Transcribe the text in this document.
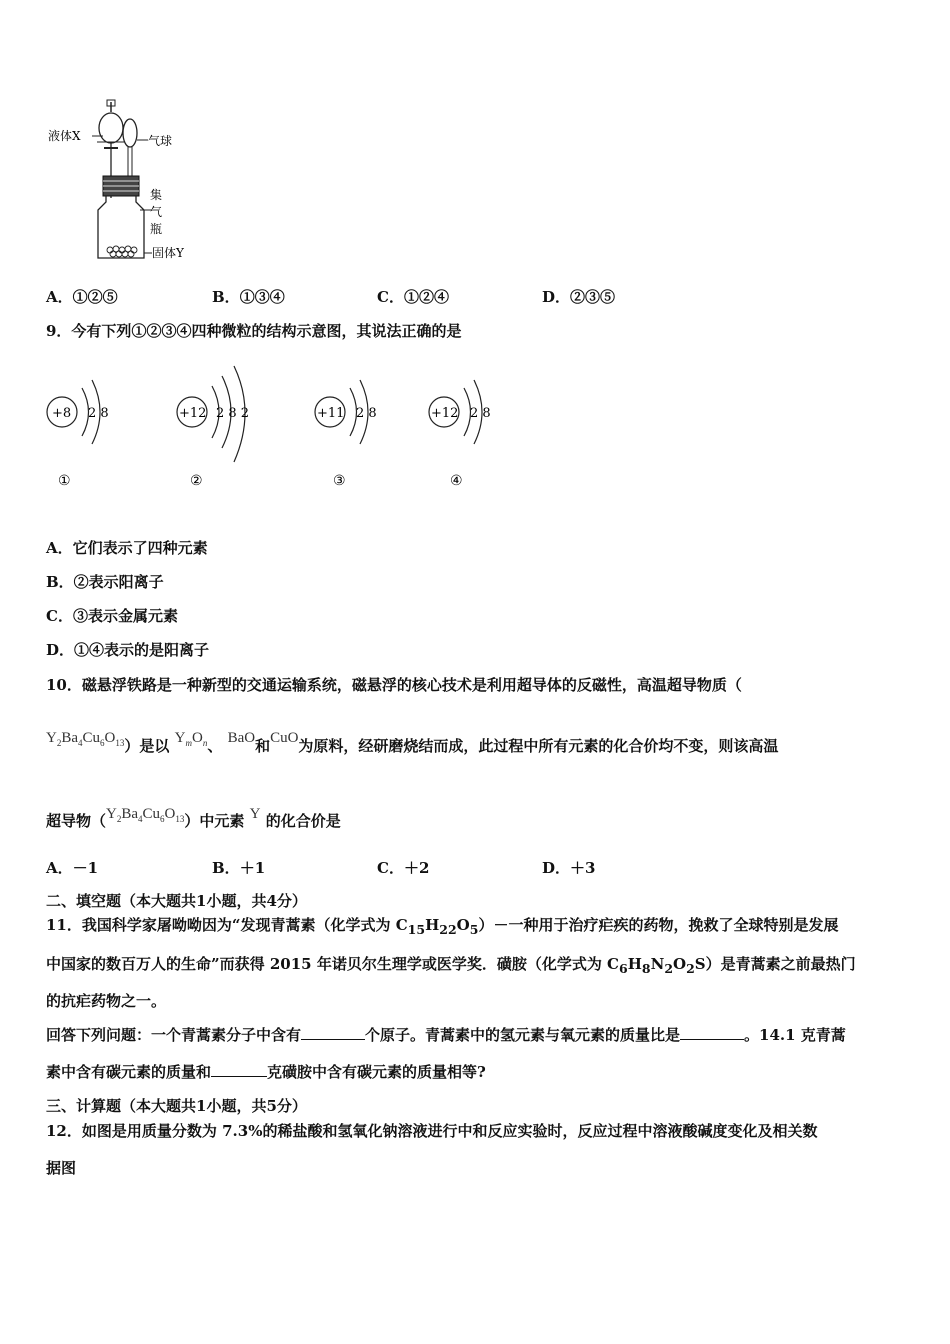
液体X	气球
集
气
瓶
固体Y
A．①②⑤	B．①③④	C．①②④	D．②③⑤
9．今有下列①②③④四种微粒的结构示意图，其说法正确的是
+8 2 8
①
+12 2 8 2
②
+11 2 8
③
+12 2 8
④
A．它们表示了四种元素
B．②表示阳离子
C．③表示金属元素
D．①④表示的是阳离子
10．磁悬浮铁路是一种新型的交通运输系统，磁悬浮的核心技术是利用超导体的反磁性，高温超导物质（
$Y_2Ba_4Cu_6O_{13}$）是以 $Y_mO_n$、 BaO和CuO为原料，经研磨烧结而成，此过程中所有元素的化合价均不变，则该高温
超导物$(Y_2Ba_4Cu_6O_{13})$中元素 Y 的化合价是
A．－1	B．＋1	C．＋2	D．＋3
二、填空题（本大题共1小题，共4分）
11．我国科学家屠呦呦因为“发现青蒿素（化学式为 $C_{15}H_{22}O_5)-$一种用于治疗疟疾的药物，挽救了全球特别是发展
中国家的数百万人的生命”而获得 2015 年诺贝尔生理学或医学奖．磺胺（化学式为 $C_6H_8N_2O_2S$）是青蒿素之前最热门
的抗疟药物之一。
回答下列问题：一个青蒿素分子中含有	个原子。青蒿素中的氢元素与氧元素的质量比是	。14.1 克青蒿
素中含有碳元素的质量和	克磺胺中含有碳元素的质量相等?
三、计算题（本大题共1小题，共5分）
12．如图是用质量分数为 7.3%的稀盐酸和氢氧化钠溶液进行中和反应实验时，反应过程中溶液酸碱度变化及相关数
据图
